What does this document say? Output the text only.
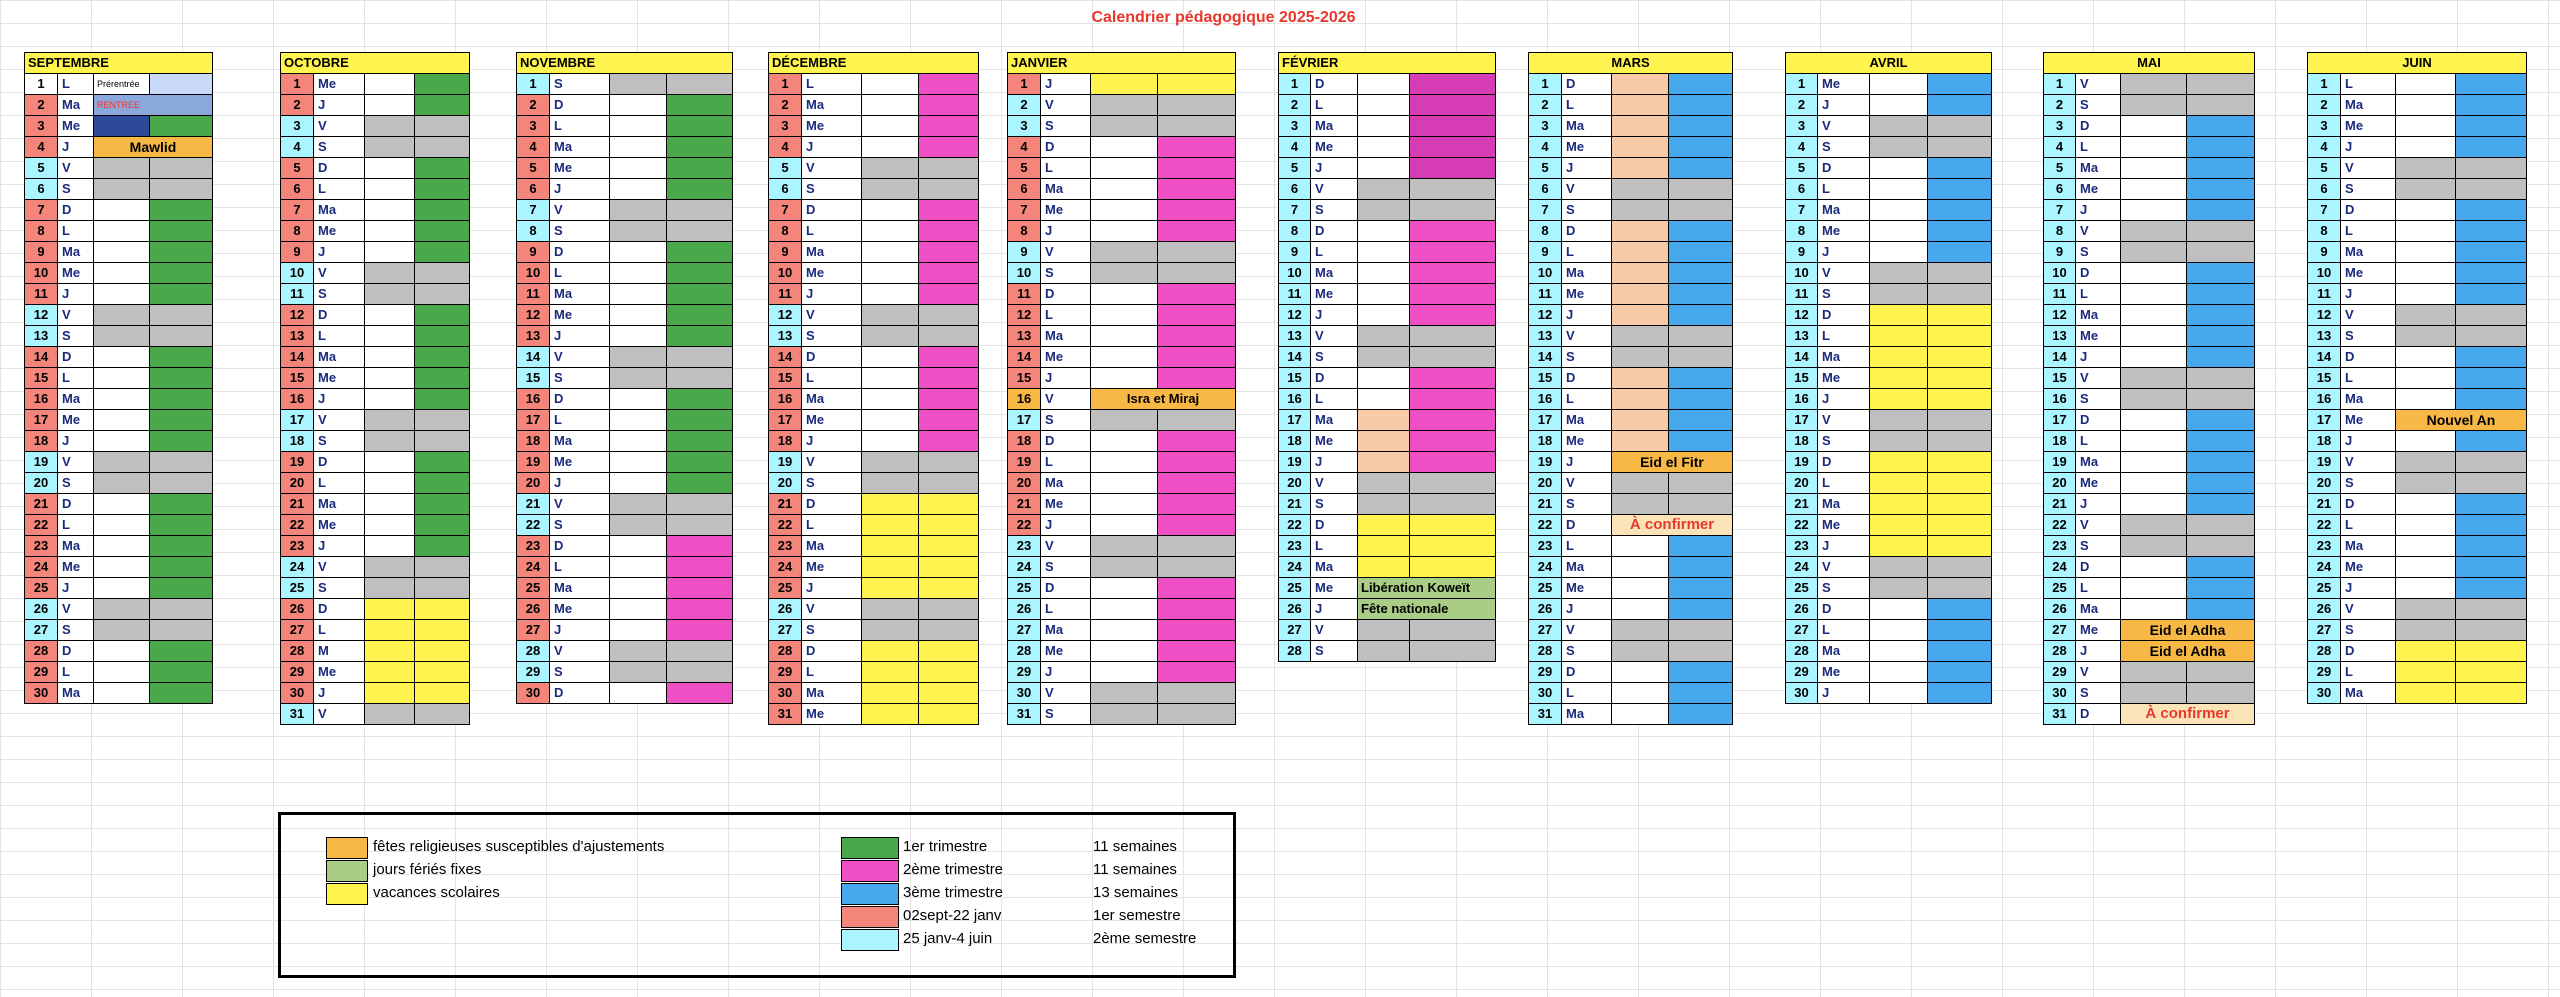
Calendrier pédagogique 2025-2026
SEPTEMBRE			
1	L	Prérentrée	
2	Ma	RENTREE	
3	Me		
4	J	Mawlid	
5	V		
6	S		
7	D		
8	L		
9	Ma		
10	Me		
11	J		
12	V		
13	S		
14	D		
15	L		
16	Ma		
17	Me		
18	J		
19	V		
20	S		
21	D		
22	L		
23	Ma		
24	Me		
25	J		
26	V		
27	S		
28	D		
29	L		
30	Ma		
OCTOBRE			
1	Me		
2	J		
3	V		
4	S		
5	D		
6	L		
7	Ma		
8	Me		
9	J		
10	V		
11	S		
12	D		
13	L		
14	Ma		
15	Me		
16	J		
17	V		
18	S		
19	D		
20	L		
21	Ma		
22	Me		
23	J		
24	V		
25	S		
26	D		
27	L		
28	M		
29	Me		
30	J		
31	V		
NOVEMBRE			
1	S		
2	D		
3	L		
4	Ma		
5	Me		
6	J		
7	V		
8	S		
9	D		
10	L		
11	Ma		
12	Me		
13	J		
14	V		
15	S		
16	D		
17	L		
18	Ma		
19	Me		
20	J		
21	V		
22	S		
23	D		
24	L		
25	Ma		
26	Me		
27	J		
28	V		
29	S		
30	D		
DÉCEMBRE			
1	L		
2	Ma		
3	Me		
4	J		
5	V		
6	S		
7	D		
8	L		
9	Ma		
10	Me		
11	J		
12	V		
13	S		
14	D		
15	L		
16	Ma		
17	Me		
18	J		
19	V		
20	S		
21	D		
22	L		
23	Ma		
24	Me		
25	J		
26	V		
27	S		
28	D		
29	L		
30	Ma		
31	Me		
JANVIER			
1	J		
2	V		
3	S		
4	D		
5	L		
6	Ma		
7	Me		
8	J		
9	V		
10	S		
11	D		
12	L		
13	Ma		
14	Me		
15	J		
16	V	Isra et Miraj	
17	S		
18	D		
19	L		
20	Ma		
21	Me		
22	J		
23	V		
24	S		
25	D		
26	L		
27	Ma		
28	Me		
29	J		
30	V		
31	S		
FÉVRIER			
1	D		
2	L		
3	Ma		
4	Me		
5	J		
6	V		
7	S		
8	D		
9	L		
10	Ma		
11	Me		
12	J		
13	V		
14	S		
15	D		
16	L		
17	Ma		
18	Me		
19	J		
20	V		
21	S		
22	D		
23	L		
24	Ma		
25	Me	Libération Koweït	
26	J	Fête nationale	
27	V		
28	S		
MARS			
1	D		
2	L		
3	Ma		
4	Me		
5	J		
6	V		
7	S		
8	D		
9	L		
10	Ma		
11	Me		
12	J		
13	V		
14	S		
15	D		
16	L		
17	Ma		
18	Me		
19	J	Eid el Fitr	
20	V		
21	S		
22	D	À confirmer	
23	L		
24	Ma		
25	Me		
26	J		
27	V		
28	S		
29	D		
30	L		
31	Ma		
AVRIL			
1	Me		
2	J		
3	V		
4	S		
5	D		
6	L		
7	Ma		
8	Me		
9	J		
10	V		
11	S		
12	D		
13	L		
14	Ma		
15	Me		
16	J		
17	V		
18	S		
19	D		
20	L		
21	Ma		
22	Me		
23	J		
24	V		
25	S		
26	D		
27	L		
28	Ma		
29	Me		
30	J		
MAI			
1	V		
2	S		
3	D		
4	L		
5	Ma		
6	Me		
7	J		
8	V		
9	S		
10	D		
11	L		
12	Ma		
13	Me		
14	J		
15	V		
16	S		
17	D		
18	L		
19	Ma		
20	Me		
21	J		
22	V		
23	S		
24	D		
25	L		
26	Ma		
27	Me	Eid el Adha	
28	J	Eid el Adha	
29	V		
30	S		
31	D	À confirmer	
JUIN			
1	L		
2	Ma		
3	Me		
4	J		
5	V		
6	S		
7	D		
8	L		
9	Ma		
10	Me		
11	J		
12	V		
13	S		
14	D		
15	L		
16	Ma		
17	Me	Nouvel An	
18	J		
19	V		
20	S		
21	D		
22	L		
23	Ma		
24	Me		
25	J		
26	V		
27	S		
28	D		
29	L		
30	Ma		
fêtes religieuses susceptibles d'ajustements
jours fériés fixes
vacances scolaires
1er trimestre	11 semaines
2ème trimestre	11 semaines
3ème trimestre	13 semaines
02sept-22 janv	1er semestre
25 janv-4 juin	2ème semestre
